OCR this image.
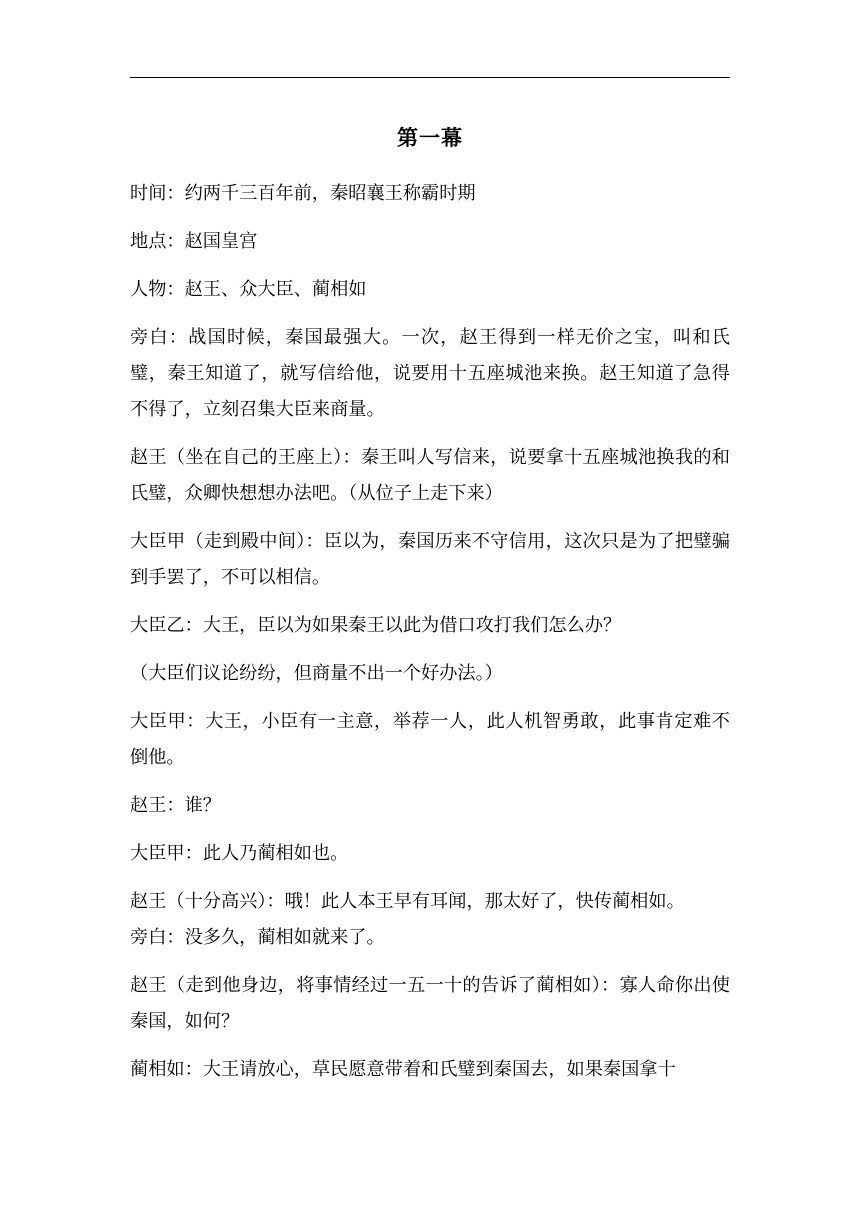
第一幕

时间：约两千三百年前，秦昭襄王称霸时期

地点：赵国皇宫

人物：赵王、众大臣、蔺相如

旁白：战国时候，秦国最强大。一次，赵王得到一样无价之宝，叫和氏璧，秦王知道了，就写信给他，说要用十五座城池来换。赵王知道了急得不得了，立刻召集大臣来商量。

赵王（坐在自己的王座上）：秦王叫人写信来，说要拿十五座城池换我的和氏璧，众卿快想想办法吧。（从位子上走下来）

大臣甲（走到殿中间）：臣以为，秦国历来不守信用，这次只是为了把璧骗到手罢了，不可以相信。

大臣乙：大王，臣以为如果秦王以此为借口攻打我们怎么办？

（大臣们议论纷纷，但商量不出一个好办法。）

大臣甲：大王，小臣有一主意，举荐一人，此人机智勇敢，此事肯定难不倒他。

赵王：谁？

大臣甲：此人乃蔺相如也。

赵王（十分高兴）：哦！此人本王早有耳闻，那太好了，快传蔺相如。

旁白：没多久，蔺相如就来了。

赵王（走到他身边，将事情经过一五一十的告诉了蔺相如）：寡人命你出使秦国，如何？

蔺相如：大王请放心，草民愿意带着和氏璧到秦国去，如果秦国拿十
